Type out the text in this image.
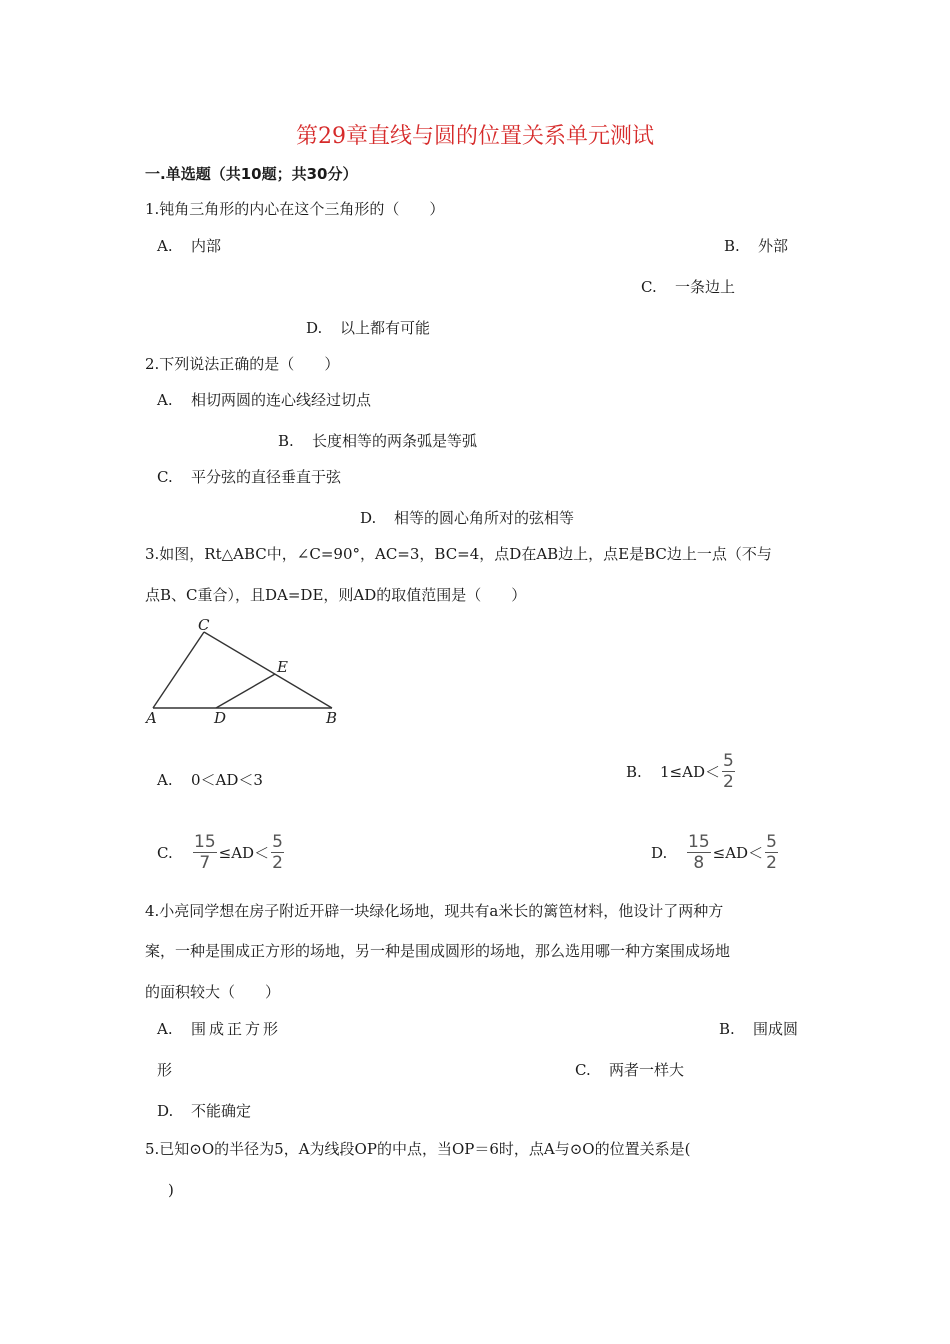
第29章直线与圆的位置关系单元测试
一.单选题（共10题；共30分）
1.钝角三角形的内心在这个三角形的（　　）
A. 内部	B. 外部
C. 一条边上
D. 以上都有可能
2.下列说法正确的是（　　）
A. 相切两圆的连心线经过切点
B. 长度相等的两条弧是等弧
C. 平分弦的直径垂直于弦
D. 相等的圆心角所对的弦相等
3.如图，Rt△ABC中，∠C=90°，AC=3，BC=4，点D在AB边上，点E是BC边上一点（不与
点B、C重合），且DA=DE，则AD的取值范围是（　　）
C
E
A	D	B
A. 0＜AD＜3	B.	$1\le AD< \frac{5}{2}$
C.	$\frac{15}{7} \le AD< \frac{5}{2}$	D.	$\frac{15}{8} \le AD< \frac{5}{2}$
4.小亮同学想在房子附近开辟一块绿化场地，现共有a米长的篱笆材料，他设计了两种方
案，一种是围成正方形的场地，另一种是围成圆形的场地，那么选用哪一种方案围成场地
的面积较大（　　）
A. 围成正方形	B. 围成圆
形	C. 两者一样大
D. 不能确定
5.已知⊙O的半径为5，A为线段OP的中点，当OP＝6时，点A与⊙O的位置关系是(
)
